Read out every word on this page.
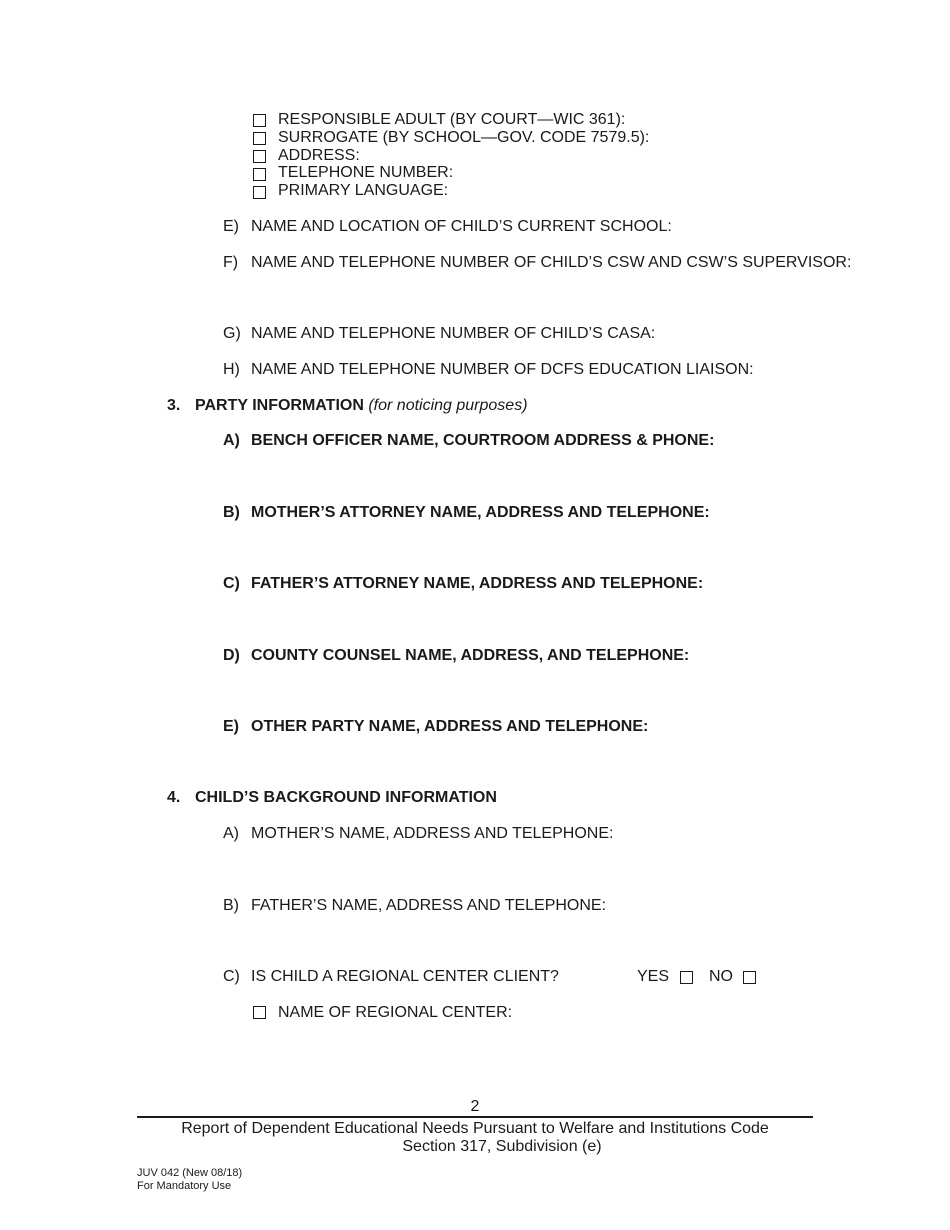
RESPONSIBLE ADULT (BY COURT—WIC 361):
SURROGATE (BY SCHOOL—GOV. CODE 7579.5):
ADDRESS:
TELEPHONE NUMBER:
PRIMARY LANGUAGE:
E) NAME AND LOCATION OF CHILD’S CURRENT SCHOOL:
F) NAME AND TELEPHONE NUMBER OF CHILD’S CSW AND CSW’S SUPERVISOR:
G) NAME AND TELEPHONE NUMBER OF CHILD’S CASA:
H) NAME AND TELEPHONE NUMBER OF DCFS EDUCATION LIAISON:
3. PARTY INFORMATION (for noticing purposes)
A) BENCH OFFICER NAME, COURTROOM ADDRESS & PHONE:
B) MOTHER’S ATTORNEY NAME, ADDRESS AND TELEPHONE:
C) FATHER’S ATTORNEY NAME, ADDRESS AND TELEPHONE:
D) COUNTY COUNSEL NAME, ADDRESS, AND TELEPHONE:
E) OTHER PARTY NAME, ADDRESS AND TELEPHONE:
4. CHILD’S BACKGROUND INFORMATION
A) MOTHER’S NAME, ADDRESS AND TELEPHONE:
B) FATHER’S NAME, ADDRESS AND TELEPHONE:
C) IS CHILD A REGIONAL CENTER CLIENT?	YES NO
NAME OF REGIONAL CENTER:
2
Report of Dependent Educational Needs Pursuant to Welfare and Institutions Code
Section 317, Subdivision (e)
JUV 042 (New 08/18)
For Mandatory Use
